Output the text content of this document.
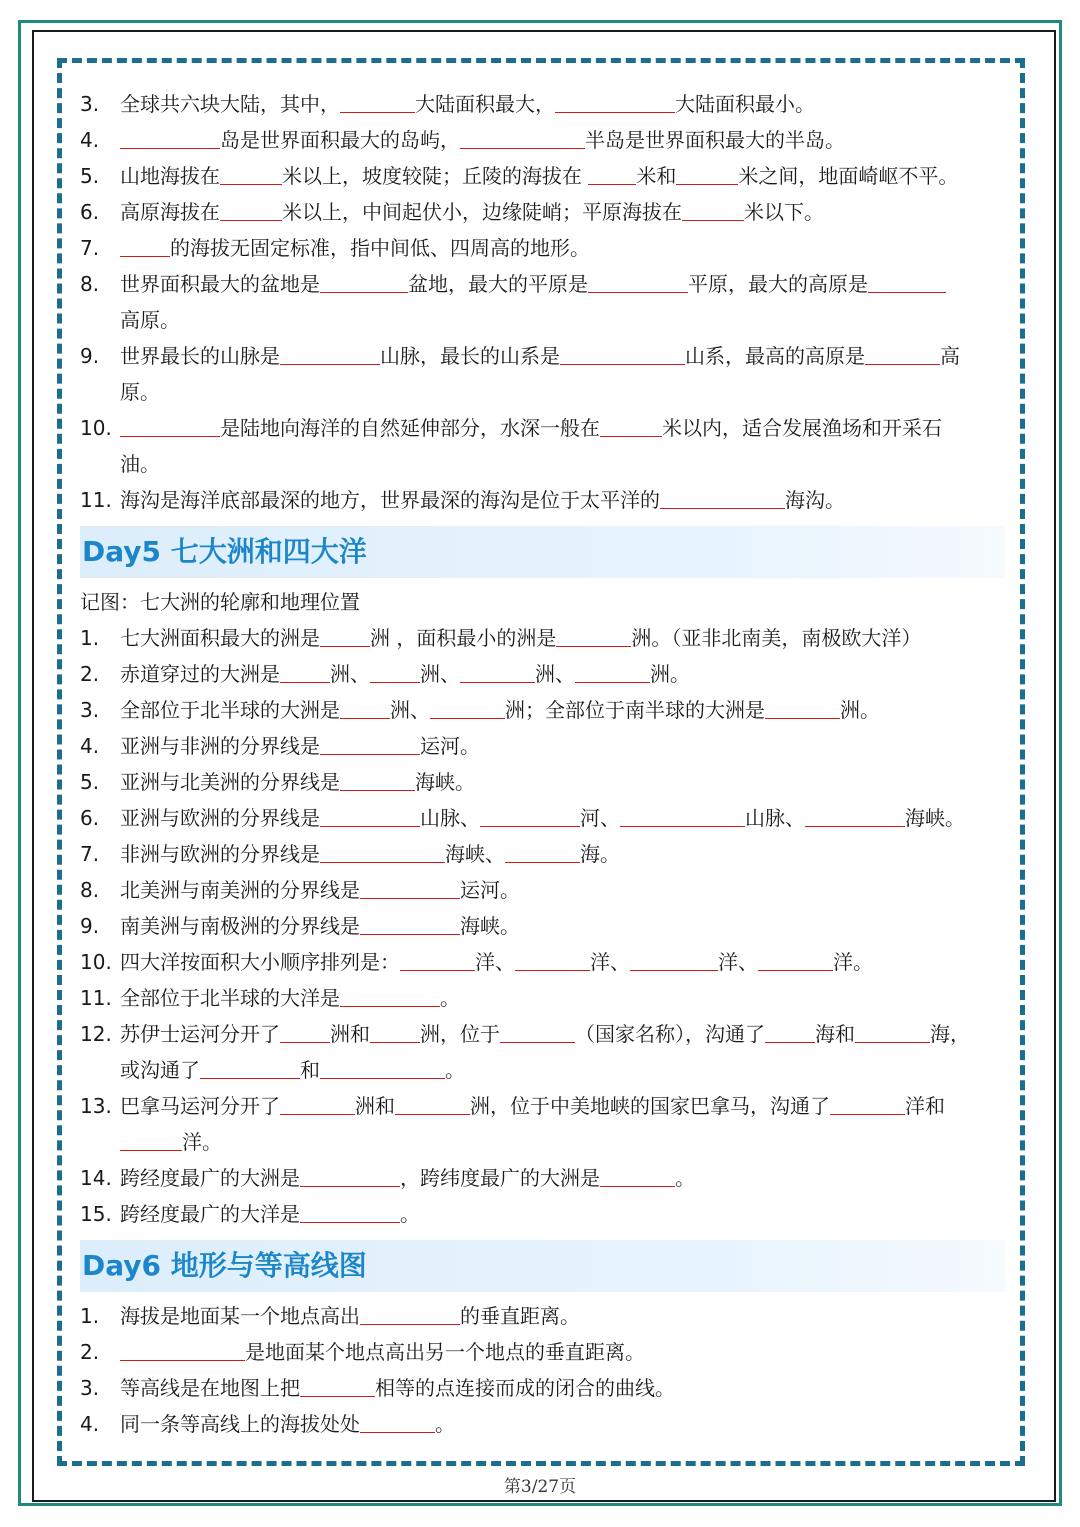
3.	全球共六块大陆，其中，	大陆面积最大，	大陆面积最小。
4.	岛是世界面积最大的岛屿，	半岛是世界面积最大的半岛。
5.	山地海拔在	米以上，坡度较陡；丘陵的海拔在 米和	米之间，地面崎岖不平。
6.	高原海拔在	米以上，中间起伏小，边缘陡峭；平原海拔在	米以下。
7.	的海拔无固定标准，指中间低、四周高的地形。
8.	世界面积最大的盆地是	盆地，最大的平原是	平原，最大的高原是
高原。
9.	世界最长的山脉是	山脉，最长的山系是	山系，最高的高原是	高
原。
10.	是陆地向海洋的自然延伸部分，水深一般在	米以内，适合发展渔场和开采石
油。
11. 海沟是海洋底部最深的地方，世界最深的海沟是位于太平洋的	海沟。
Day5 七大洲和四大洋
记图：七大洲的轮廓和地理位置
1.	七大洲面积最大的洲是	洲 ，面积最小的洲是	洲。（亚非北南美，南极欧大洋）
2.	赤道穿过的大洲是	洲、	洲、	洲、	洲。
3.	全部位于北半球的大洲是	洲、	洲；全部位于南半球的大洲是	洲。
4.	亚洲与非洲的分界线是	运河。
5.	亚洲与北美洲的分界线是	海峡。
6.	亚洲与欧洲的分界线是	山脉、	河、	山脉、	海峡。
7.	非洲与欧洲的分界线是	海峡、	海。
8.	北美洲与南美洲的分界线是	运河。
9.	南美洲与南极洲的分界线是	海峡。
10. 四大洋按面积大小顺序排列是：	洋、	洋、	洋、	洋。
11. 全部位于北半球的大洋是	。
12. 苏伊士运河分开了	洲和	洲，位于	（国家名称），沟通了	海和	海，
或沟通了	和	。
13. 巴拿马运河分开了	洲和	洲，位于中美地峡的国家巴拿马，沟通了	洋和
洋。
14. 跨经度最广的大洲是	，跨纬度最广的大洲是	。
15. 跨经度最广的大洋是	。
Day6 地形与等高线图
1.	海拔是地面某一个地点高出	的垂直距离。
2.	是地面某个地点高出另一个地点的垂直距离。
3.	等高线是在地图上把	相等的点连接而成的闭合的曲线。
4.	同一条等高线上的海拔处处	。
第3/27页
